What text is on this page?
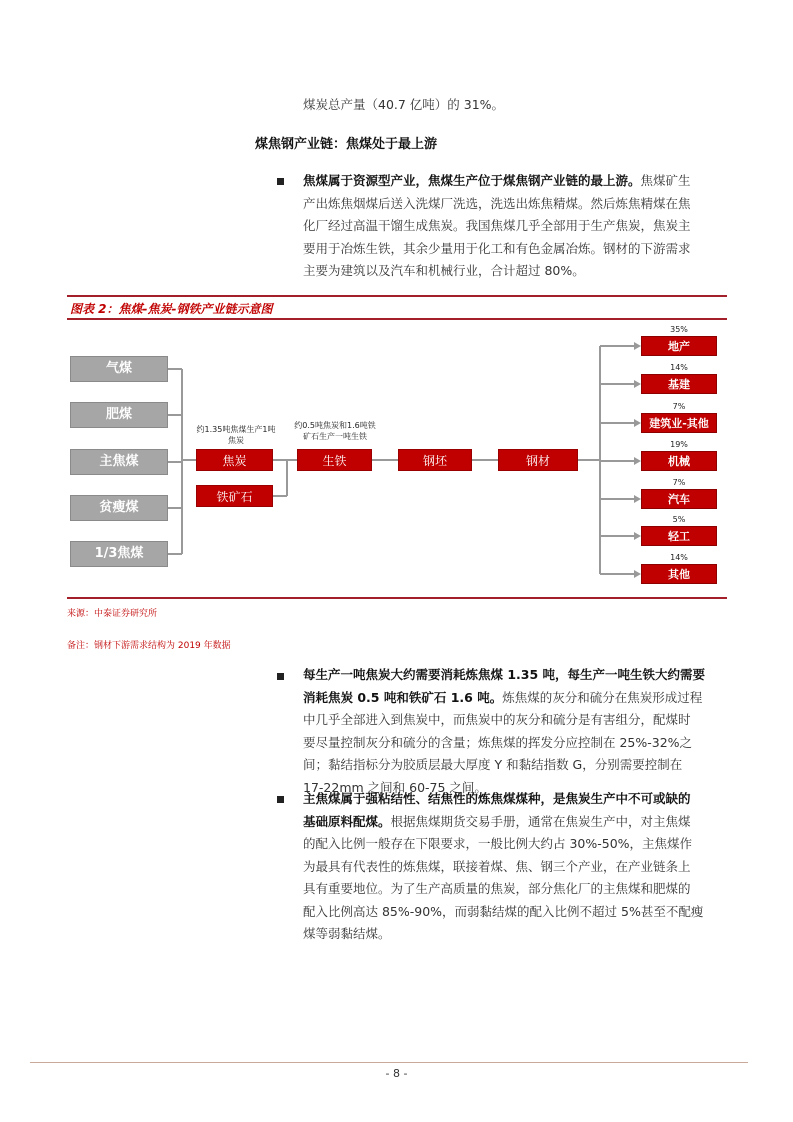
煤炭总产量（40.7 亿吨）的 31%。
煤焦钢产业链：焦煤处于最上游
焦煤属于资源型产业，焦煤生产位于煤焦钢产业链的最上游。焦煤矿生
产出炼焦烟煤后送入洗煤厂洗选，洗选出炼焦精煤。然后炼焦精煤在焦
化厂经过高温干馏生成焦炭。我国焦煤几乎全部用于生产焦炭，焦炭主
要用于冶炼生铁，其余少量用于化工和有色金属冶炼。钢材的下游需求
主要为建筑以及汽车和机械行业，合计超过 80%。
图表 2：焦煤-焦炭-钢铁产业链示意图
气煤
肥煤
主焦煤
贫瘦煤
1/3焦煤
约1.35吨焦煤生产1吨焦炭
约0.5吨焦炭和1.6吨铁矿石生产一吨生铁
焦炭	生铁	钢坯	钢材
铁矿石
35%
地产
14%
基建
7%
建筑业-其他
19%
机械
7%
汽车
5%
轻工
14%
其他
来源：中泰证券研究所
备注：钢材下游需求结构为 2019 年数据
每生产一吨焦炭大约需要消耗炼焦煤 1.35 吨，每生产一吨生铁大约需要
消耗焦炭 0.5 吨和铁矿石 1.6 吨。炼焦煤的灰分和硫分在焦炭形成过程
中几乎全部进入到焦炭中，而焦炭中的灰分和硫分是有害组分，配煤时
要尽量控制灰分和硫分的含量；炼焦煤的挥发分应控制在 25%-32%之
间；黏结指标分为胶质层最大厚度 Y 和黏结指数 G，分别需要控制在
17-22mm 之间和 60-75 之间。
主焦煤属于强粘结性、结焦性的炼焦煤煤种，是焦炭生产中不可或缺的
基础原料配煤。根据焦煤期货交易手册，通常在焦炭生产中，对主焦煤
的配入比例一般存在下限要求，一般比例大约占 30%-50%，主焦煤作
为最具有代表性的炼焦煤，联接着煤、焦、钢三个产业，在产业链条上
具有重要地位。为了生产高质量的焦炭，部分焦化厂的主焦煤和肥煤的
配入比例高达 85%-90%，而弱黏结煤的配入比例不超过 5%甚至不配瘦
煤等弱黏结煤。
- 8 -
